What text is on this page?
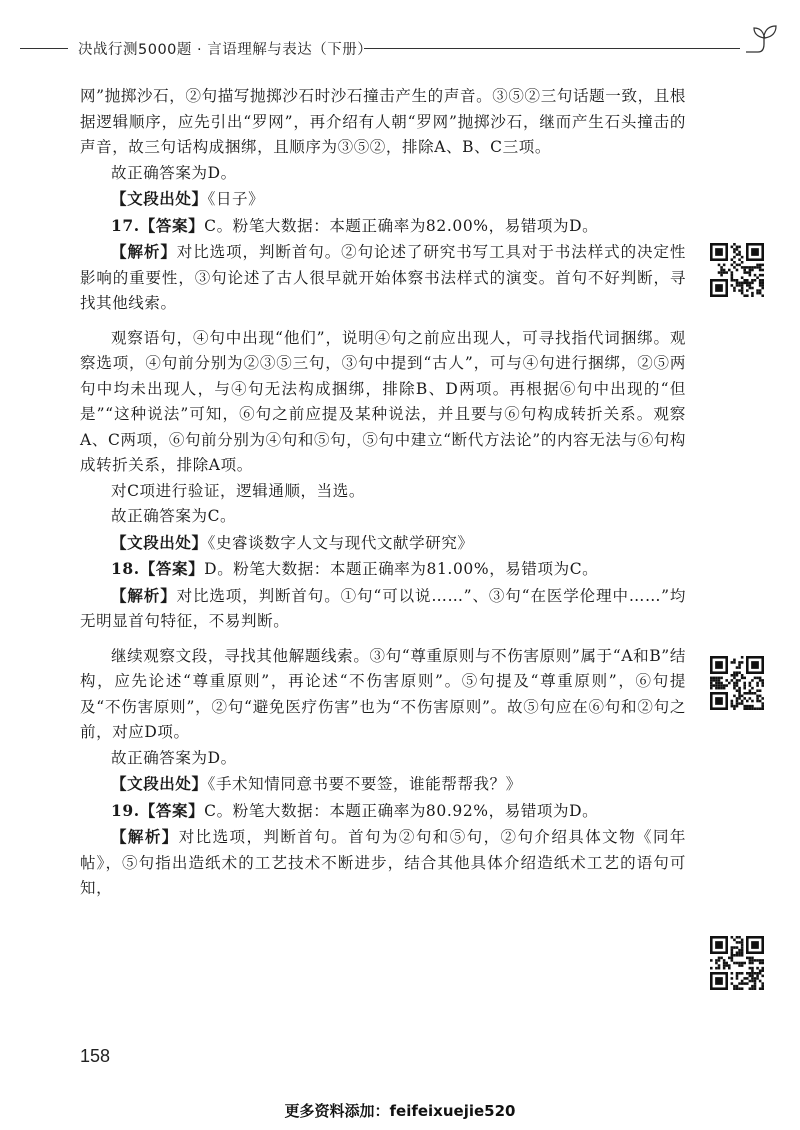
决战行测5000题 · 言语理解与表达（下册）

网”抛掷沙石，②句描写抛掷沙石时沙石撞击产生的声音。③⑤②三句话题一致，且根据逻辑顺序，应先引出“罗网”，再介绍有人朝“罗网”抛掷沙石，继而产生石头撞击的声音，故三句话构成捆绑，且顺序为③⑤②，排除A、B、C三项。

故正确答案为D。

【文段出处】《日子》

17.【答案】C。粉笔大数据：本题正确率为82.00%，易错项为D。

【解析】对比选项，判断首句。②句论述了研究书写工具对于书法样式的决定性影响的重要性，③句论述了古人很早就开始体察书法样式的演变。首句不好判断，寻找其他线索。

观察语句，④句中出现“他们”，说明④句之前应出现人，可寻找指代词捆绑。观察选项，④句前分别为②③⑤三句，③句中提到“古人”，可与④句进行捆绑，②⑤两句中均未出现人，与④句无法构成捆绑，排除B、D两项。再根据⑥句中出现的“但是”“这种说法”可知，⑥句之前应提及某种说法，并且要与⑥句构成转折关系。观察A、C两项，⑥句前分别为④句和⑤句，⑤句中建立“断代方法论”的内容无法与⑥句构成转折关系，排除A项。

对C项进行验证，逻辑通顺，当选。

故正确答案为C。

【文段出处】《史睿谈数字人文与现代文献学研究》

18.【答案】D。粉笔大数据：本题正确率为81.00%，易错项为C。

【解析】对比选项，判断首句。①句“可以说……”、③句“在医学伦理中……”均无明显首句特征，不易判断。

继续观察文段，寻找其他解题线索。③句“尊重原则与不伤害原则”属于“A和B”结构，应先论述“尊重原则”，再论述“不伤害原则”。⑤句提及“尊重原则”，⑥句提及“不伤害原则”，②句“避免医疗伤害”也为“不伤害原则”。故⑤句应在⑥句和②句之前，对应D项。

故正确答案为D。

【文段出处】《手术知情同意书要不要签，谁能帮帮我？》

19.【答案】C。粉笔大数据：本题正确率为80.92%，易错项为D。

【解析】对比选项，判断首句。首句为②句和⑤句，②句介绍具体文物《同年帖》，⑤句指出造纸术的工艺技术不断进步，结合其他具体介绍造纸术工艺的语句可知，

158
更多资料添加：feifeixuejie520
